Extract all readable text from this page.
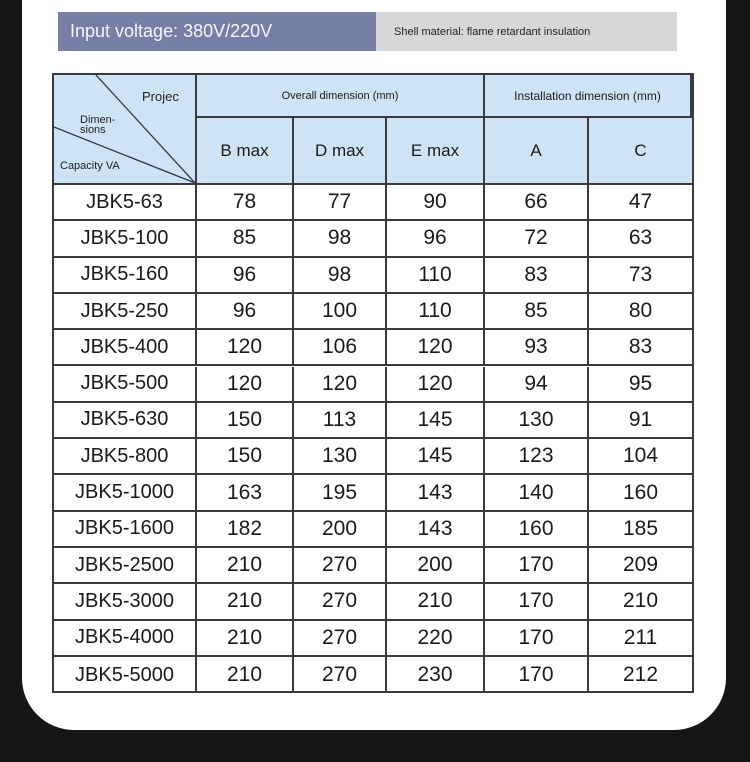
Input voltage: 380V/220V	Shell material: flame retardant insulation
Projec
Dimen-
sions
Capacity VA
Overall dimension (mm)	Installation dimension (mm)
B max	D max	E max	A	C
JBK5-63	78	77	90	66	47
JBK5-100	85	98	96	72	63
JBK5-160	96	98	110	83	73
JBK5-250	96	100	110	85	80
JBK5-400	120	106	120	93	83
JBK5-500	120	120	120	94	95
JBK5-630	150	113	145	130	91
JBK5-800	150	130	145	123	104
JBK5-1000	163	195	143	140	160
JBK5-1600	182	200	143	160	185
JBK5-2500	210	270	200	170	209
JBK5-3000	210	270	210	170	210
JBK5-4000	210	270	220	170	211
JBK5-5000	210	270	230	170	212
